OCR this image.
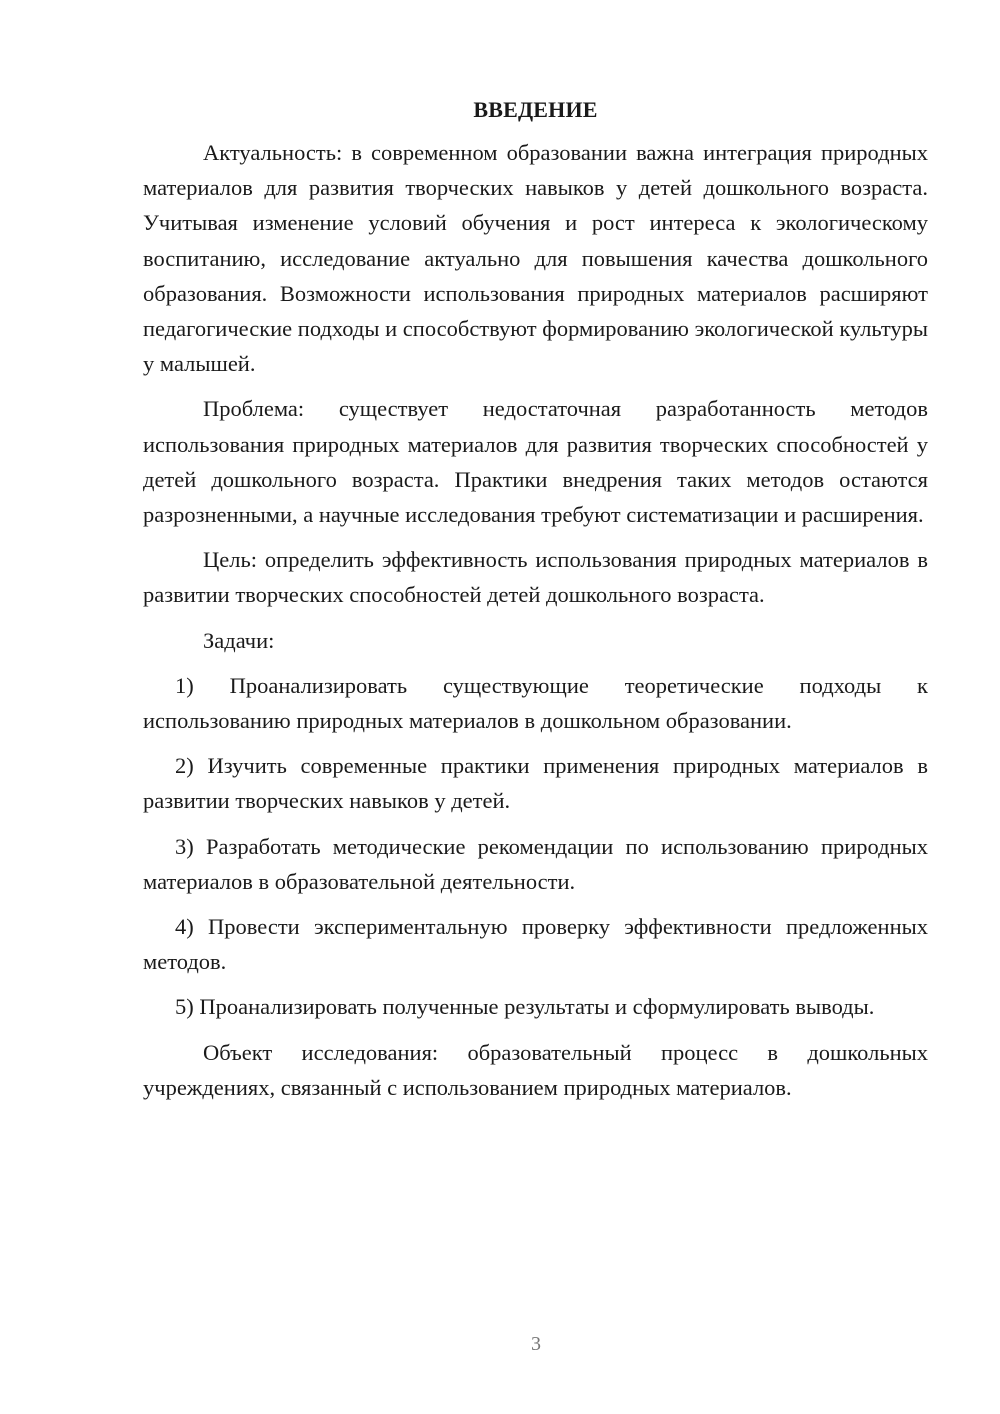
ВВЕДЕНИЕ

Актуальность: в современном образовании важна интеграция природных материалов для развития творческих навыков у детей дошкольного возраста. Учитывая изменение условий обучения и рост интереса к экологическому воспитанию, исследование актуально для повышения качества дошкольного образования. Возможности использования природных материалов расширяют педагогические подходы и способствуют формированию экологической культуры у малышей.

Проблема: существует недостаточная разработанность методов использования природных материалов для развития творческих способностей у детей дошкольного возраста. Практики внедрения таких методов остаются разрозненными, а научные исследования требуют систематизации и расширения.

Цель: определить эффективность использования природных материалов в развитии творческих способностей детей дошкольного возраста.

Задачи:

1) Проанализировать существующие теоретические подходы к использованию природных материалов в дошкольном образовании.

2) Изучить современные практики применения природных материалов в развитии творческих навыков у детей.

3) Разработать методические рекомендации по использованию природных материалов в образовательной деятельности.

4) Провести экспериментальную проверку эффективности предложенных методов.

5) Проанализировать полученные результаты и сформулировать выводы.

Объект исследования: образовательный процесс в дошкольных учреждениях, связанный с использованием природных материалов.

3
